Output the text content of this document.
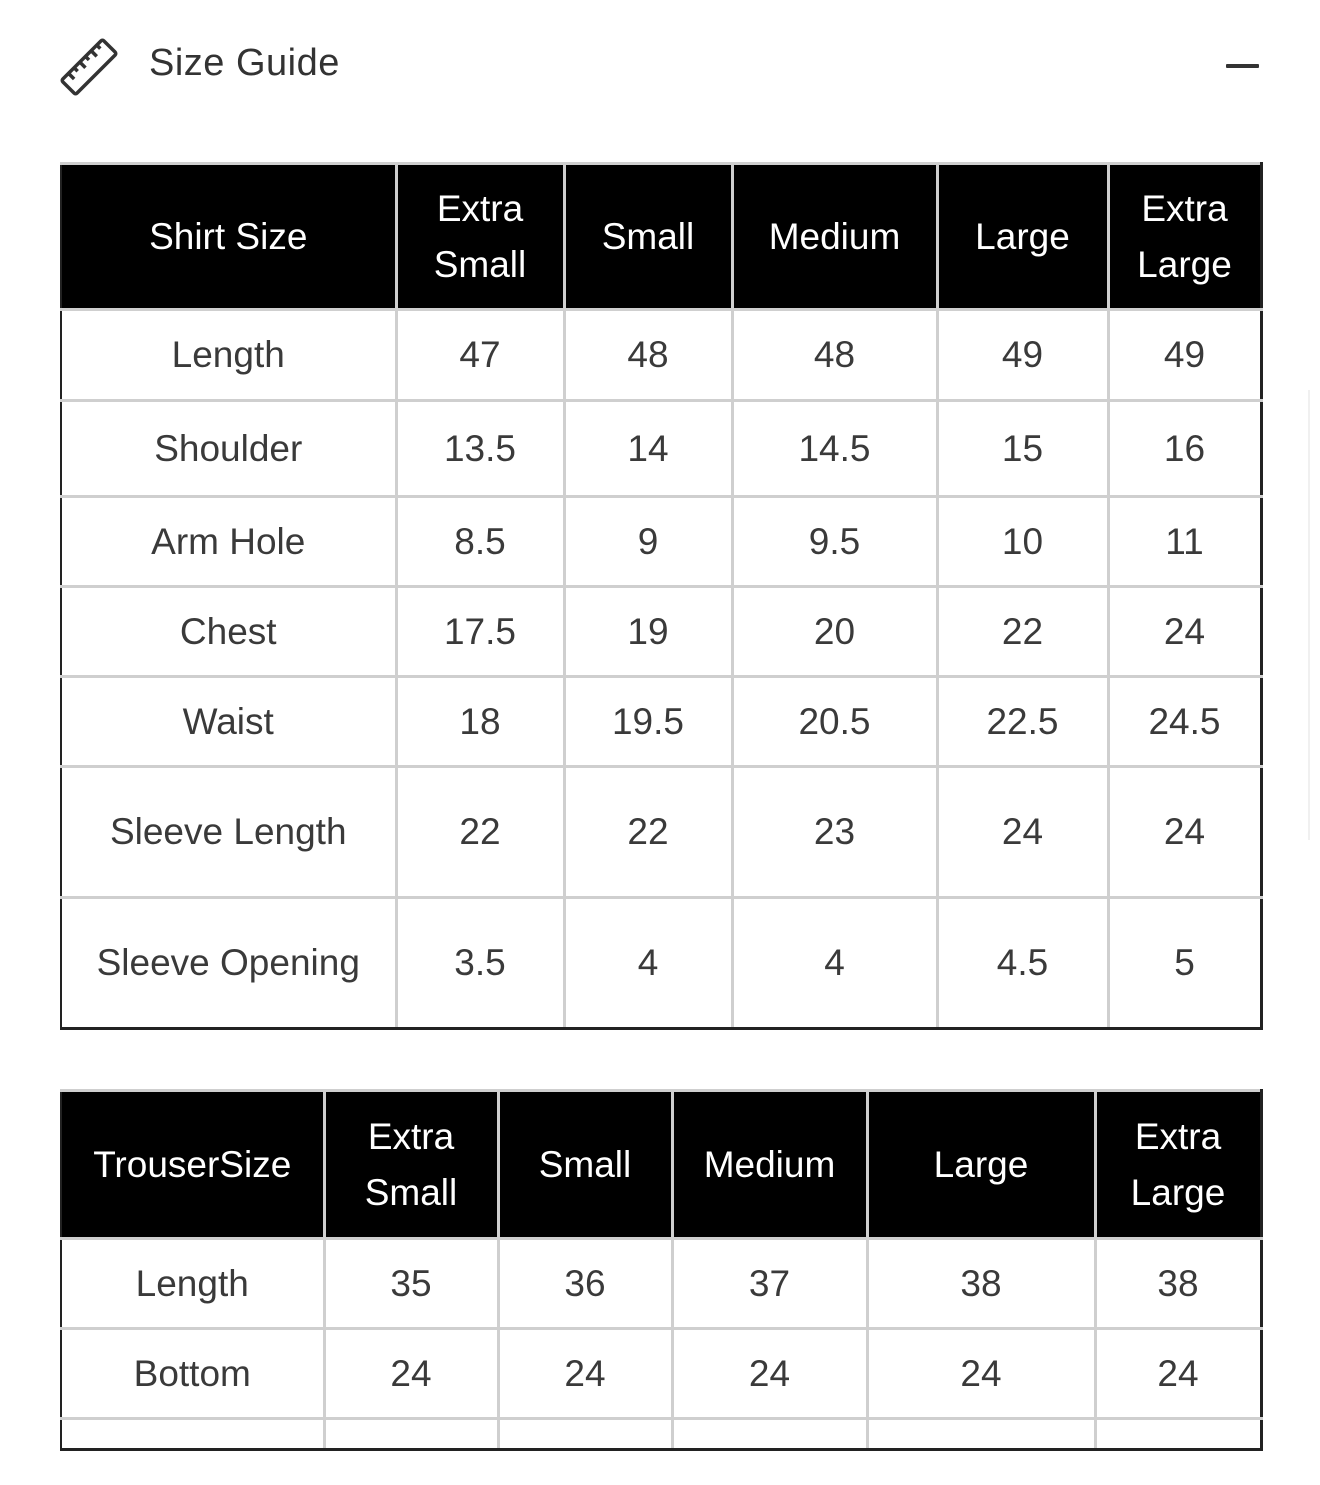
Size Guide
Shirt Size	Extra Small	Small	Medium	Large	Extra Large
Length	47	48	48	49	49
Shoulder	13.5	14	14.5	15	16
Arm Hole	8.5	9	9.5	10	11
Chest	17.5	19	20	22	24
Waist	18	19.5	20.5	22.5	24.5
Sleeve Length	22	22	23	24	24
Sleeve Opening	3.5	4	4	4.5	5
TrouserSize	Extra Small	Small	Medium	Large	Extra Large
Length	35	36	37	38	38
Bottom	24	24	24	24	24
